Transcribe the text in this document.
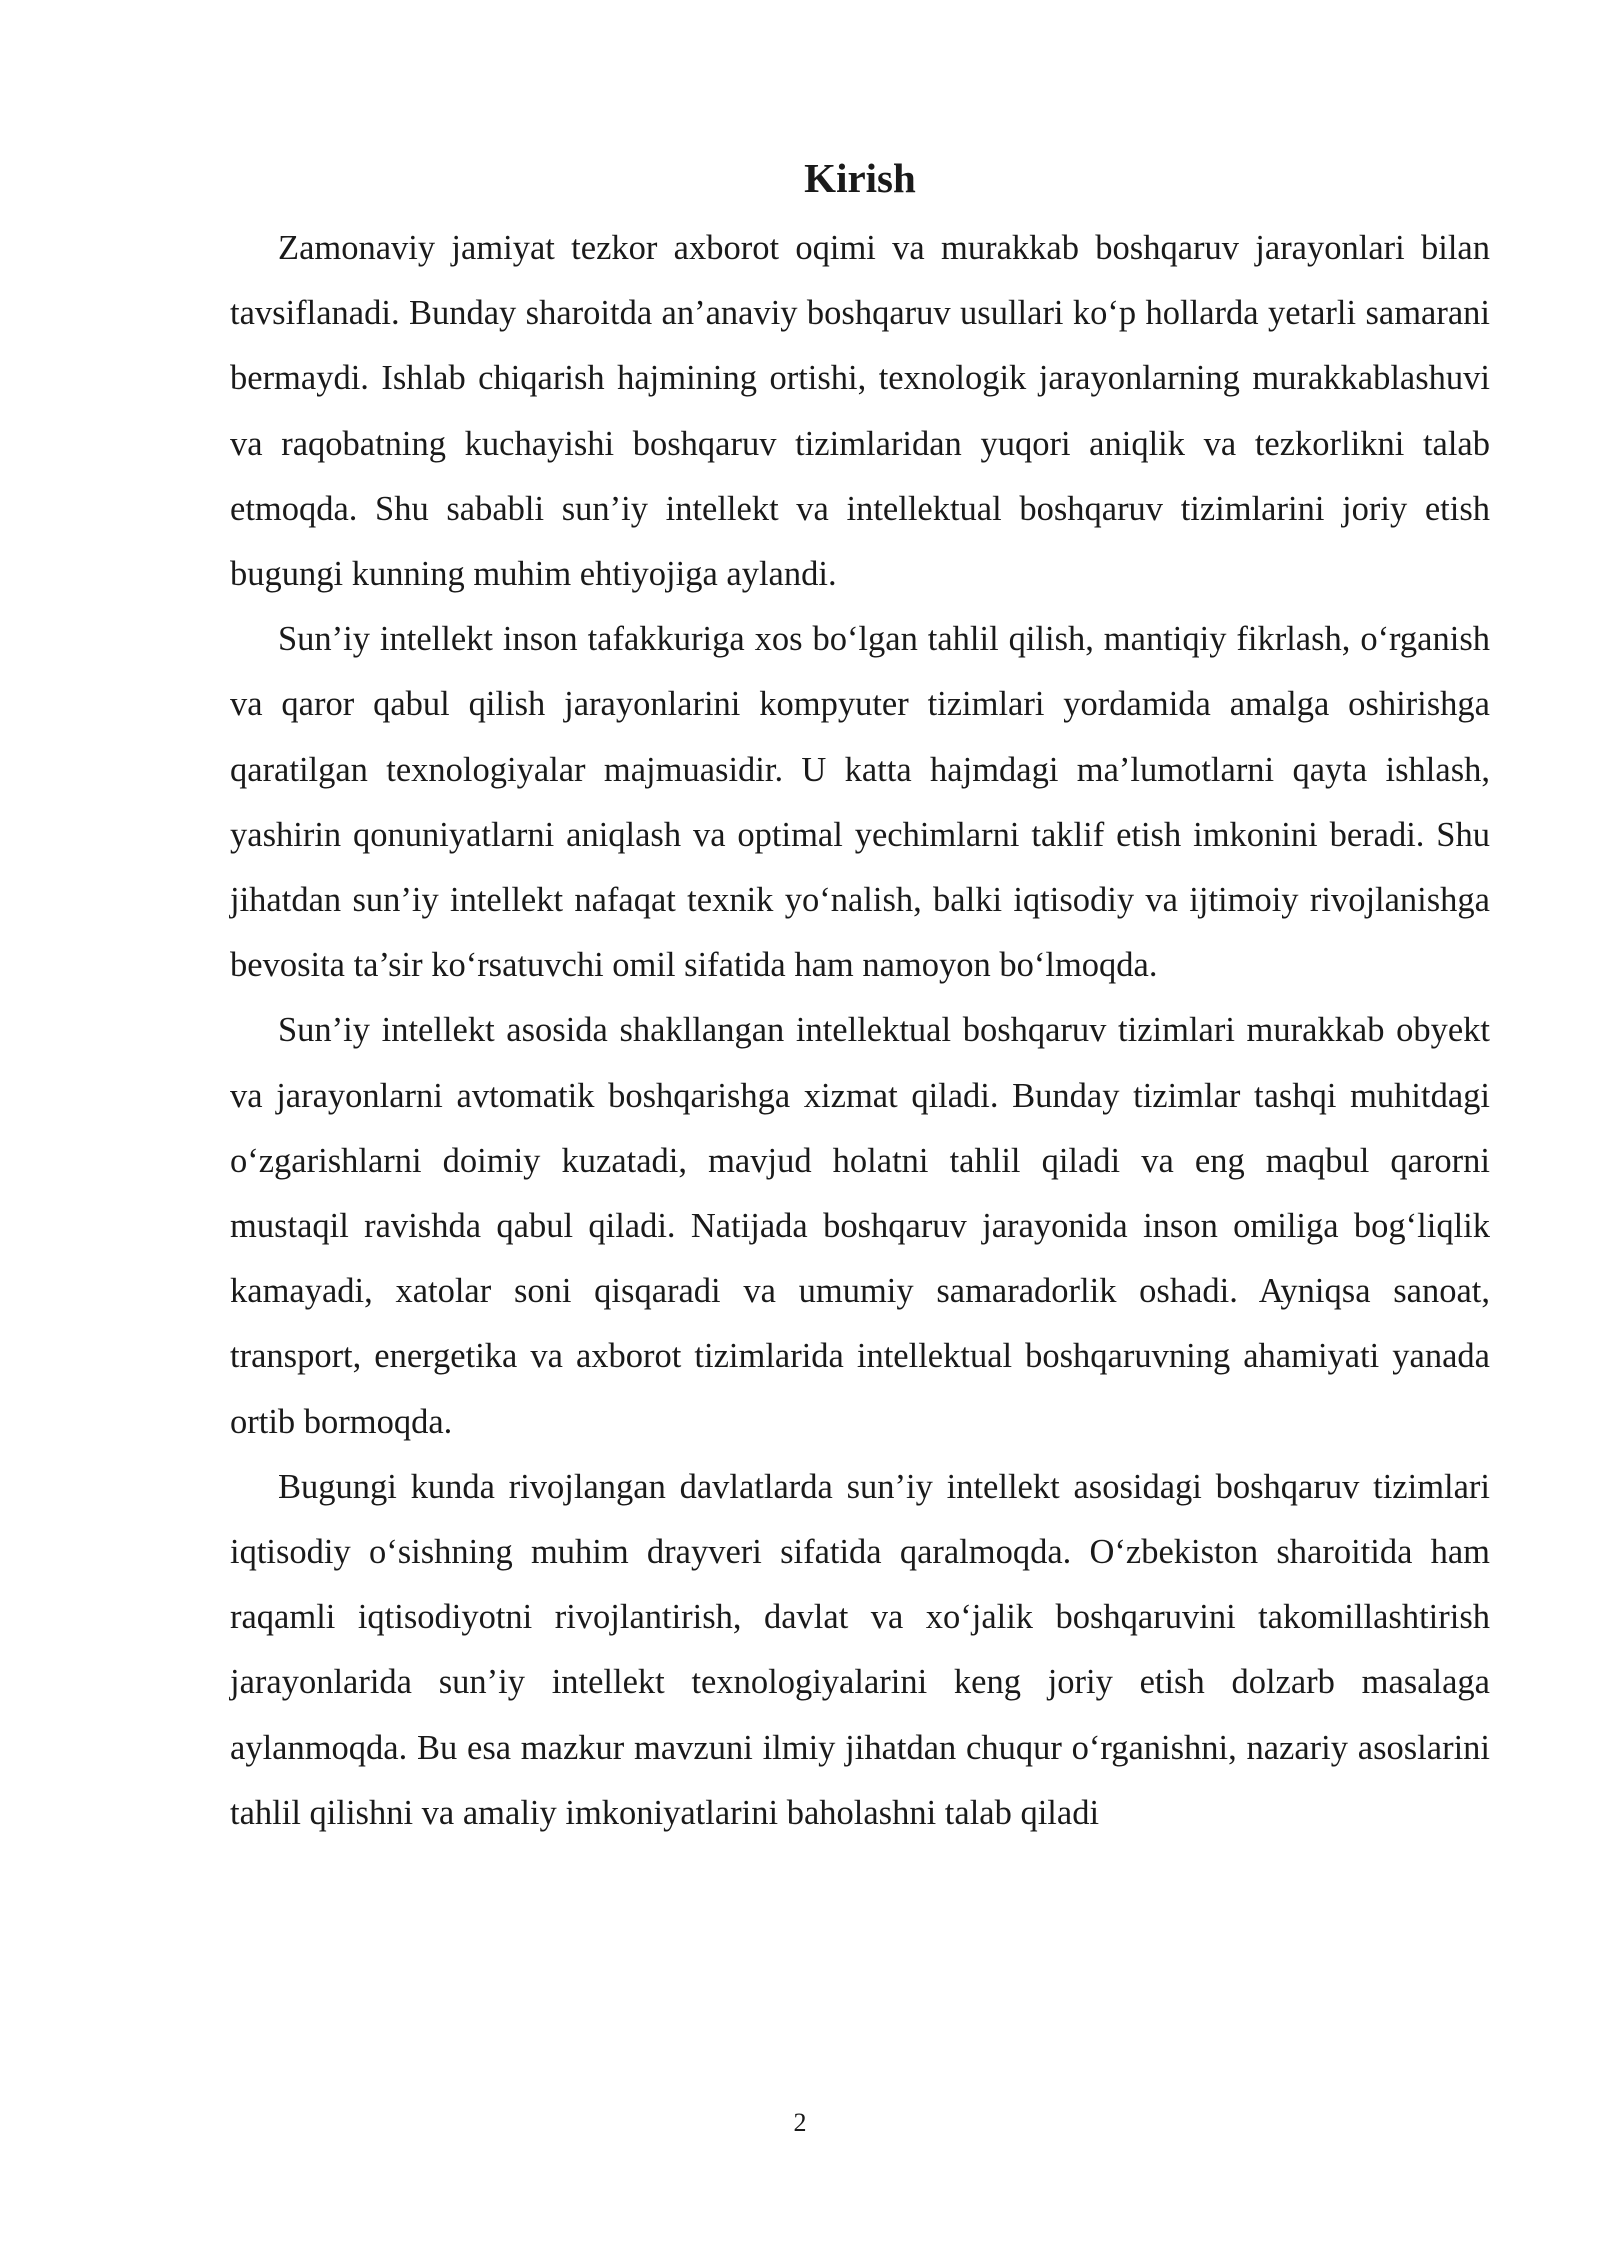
Kirish

Zamonaviy jamiyat tezkor axborot oqimi va murakkab boshqaruv jarayonlari bilan tavsiflanadi. Bunday sharoitda an’anaviy boshqaruv usullari ko‘p hollarda yetarli samarani bermaydi. Ishlab chiqarish hajmining ortishi, texnologik jarayonlarning murakkablashuvi va raqobatning kuchayishi boshqaruv tizimlaridan yuqori aniqlik va tezkorlikni talab etmoqda. Shu sababli sun’iy intellekt va intellektual boshqaruv tizimlarini joriy etish bugungi kunning muhim ehtiyojiga aylandi.

Sun’iy intellekt inson tafakkuriga xos bo‘lgan tahlil qilish, mantiqiy fikrlash, o‘rganish va qaror qabul qilish jarayonlarini kompyuter tizimlari yordamida amalga oshirishga qaratilgan texnologiyalar majmuasidir. U katta hajmdagi ma’lumotlarni qayta ishlash, yashirin qonuniyatlarni aniqlash va optimal yechimlarni taklif etish imkonini beradi. Shu jihatdan sun’iy intellekt nafaqat texnik yo‘nalish, balki iqtisodiy va ijtimoiy rivojlanishga bevosita ta’sir ko‘rsatuvchi omil sifatida ham namoyon bo‘lmoqda.

Sun’iy intellekt asosida shakllangan intellektual boshqaruv tizimlari murakkab obyekt va jarayonlarni avtomatik boshqarishga xizmat qiladi. Bunday tizimlar tashqi muhitdagi o‘zgarishlarni doimiy kuzatadi, mavjud holatni tahlil qiladi va eng maqbul qarorni mustaqil ravishda qabul qiladi. Natijada boshqaruv jarayonida inson omiliga bog‘liqlik kamayadi, xatolar soni qisqaradi va umumiy samaradorlik oshadi. Ayniqsa sanoat, transport, energetika va axborot tizimlarida intellektual boshqaruvning ahamiyati yanada ortib bormoqda.

Bugungi kunda rivojlangan davlatlarda sun’iy intellekt asosidagi boshqaruv tizimlari iqtisodiy o‘sishning muhim drayveri sifatida qaralmoqda. O‘zbekiston sharoitida ham raqamli iqtisodiyotni rivojlantirish, davlat va xo‘jalik boshqaruvini takomillashtirish jarayonlarida sun’iy intellekt texnologiyalarini keng joriy etish dolzarb masalaga aylanmoqda. Bu esa mazkur mavzuni ilmiy jihatdan chuqur o‘rganishni, nazariy asoslarini tahlil qilishni va amaliy imkoniyatlarini baholashni talab qiladi

2
